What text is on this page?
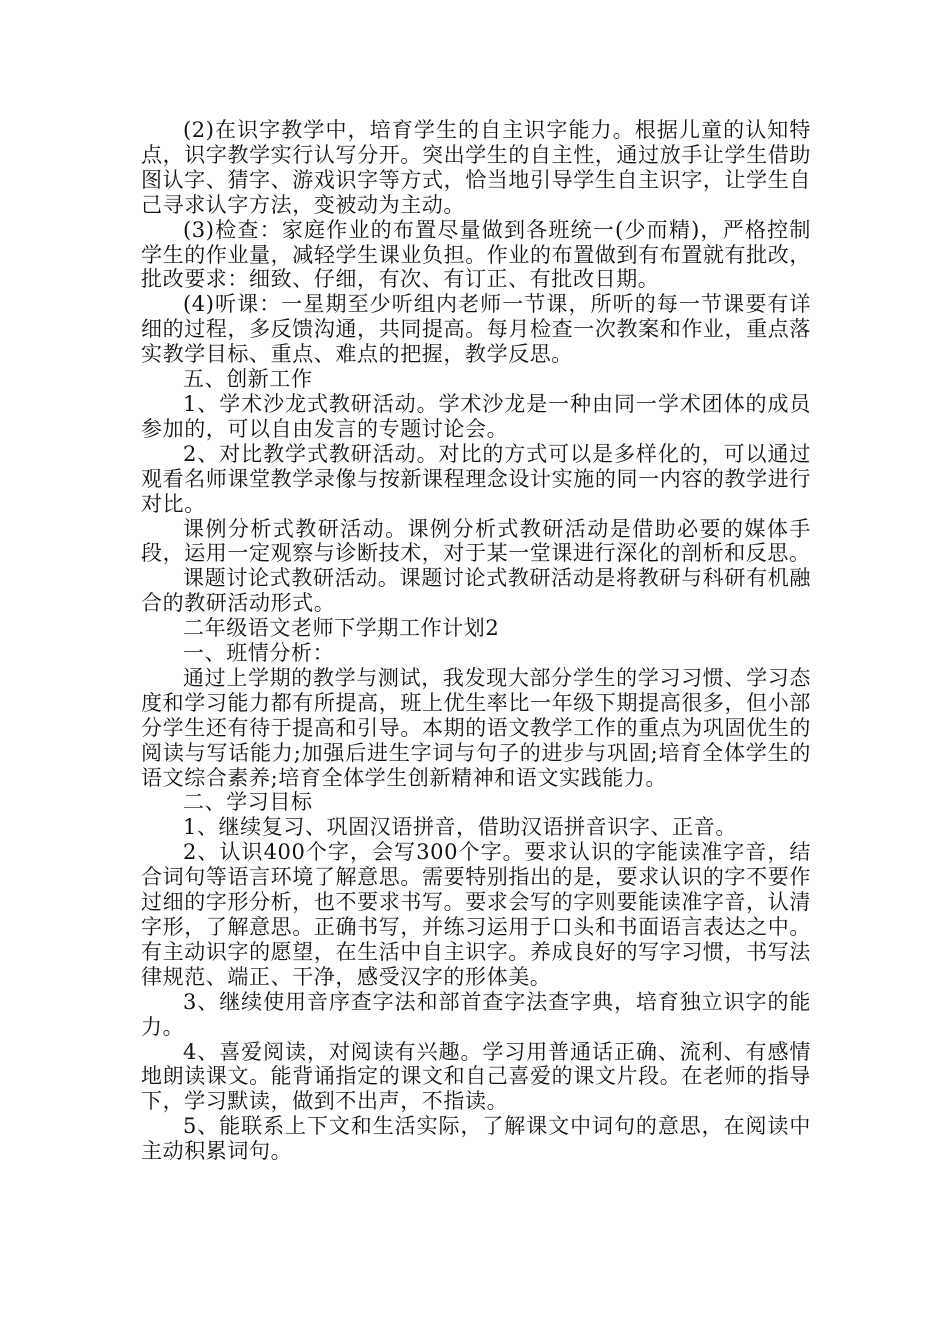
(2)在识字教学中，培育学生的自主识字能力。根据儿童的认知特点，识字教学实行认写分开。突出学生的自主性，通过放手让学生借助图认字、猜字、游戏识字等方式，恰当地引导学生自主识字，让学生自己寻求认字方法，变被动为主动。

(3)检查：家庭作业的布置尽量做到各班统一(少而精)，严格控制学生的作业量，减轻学生课业负担。作业的布置做到有布置就有批改，批改要求：细致、仔细，有次、有订正、有批改日期。

(4)听课：一星期至少听组内老师一节课，所听的每一节课要有详细的过程，多反馈沟通，共同提高。每月检查一次教案和作业，重点落实教学目标、重点、难点的把握，教学反思。

五、创新工作

1、学术沙龙式教研活动。学术沙龙是一种由同一学术团体的成员参加的，可以自由发言的专题讨论会。

2、对比教学式教研活动。对比的方式可以是多样化的，可以通过观看名师课堂教学录像与按新课程理念设计实施的同一内容的教学进行对比。

课例分析式教研活动。课例分析式教研活动是借助必要的媒体手段，运用一定观察与诊断技术，对于某一堂课进行深化的剖析和反思。

课题讨论式教研活动。课题讨论式教研活动是将教研与科研有机融合的教研活动形式。

二年级语文老师下学期工作计划2

一、班情分析：

通过上学期的教学与测试，我发现大部分学生的学习习惯、学习态度和学习能力都有所提高，班上优生率比一年级下期提高很多，但小部分学生还有待于提高和引导。本期的语文教学工作的重点为巩固优生的阅读与写话能力;加强后进生字词与句子的进步与巩固;培育全体学生的语文综合素养;培育全体学生创新精神和语文实践能力。

二、学习目标

1、继续复习、巩固汉语拼音，借助汉语拼音识字、正音。

2、认识400个字，会写300个字。要求认识的字能读准字音，结合词句等语言环境了解意思。需要特别指出的是，要求认识的字不要作过细的字形分析，也不要求书写。要求会写的字则要能读准字音，认清字形，了解意思。正确书写，并练习运用于口头和书面语言表达之中。有主动识字的愿望，在生活中自主识字。养成良好的写字习惯，书写法律规范、端正、干净，感受汉字的形体美。

3、继续使用音序查字法和部首查字法查字典，培育独立识字的能力。

4、喜爱阅读，对阅读有兴趣。学习用普通话正确、流利、有感情地朗读课文。能背诵指定的课文和自己喜爱的课文片段。在老师的指导下，学习默读，做到不出声，不指读。

5、能联系上下文和生活实际，了解课文中词句的意思，在阅读中主动积累词句。
